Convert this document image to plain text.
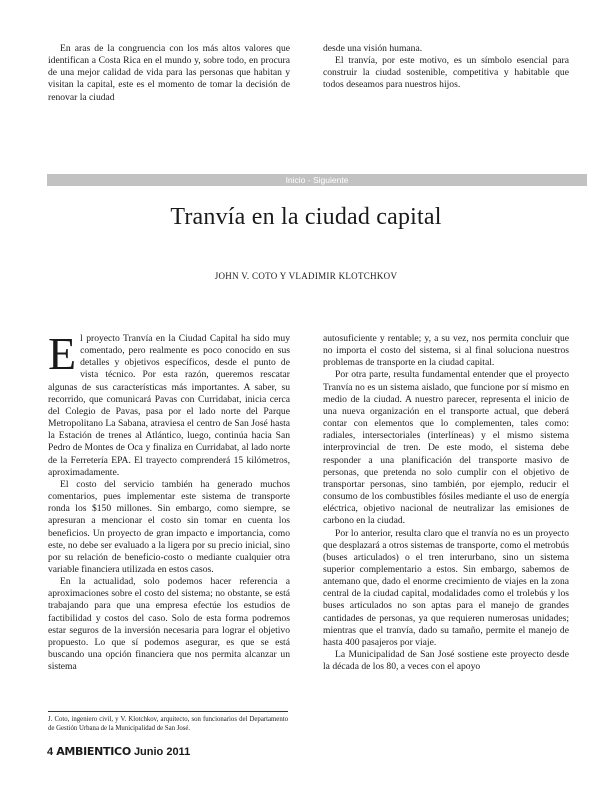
En aras de la congruencia con los más altos valores que identifican a Costa Rica en el mundo y, sobre todo, en procura de una mejor calidad de vida para las personas que habitan y visitan la capital, este es el momento de tomar la decisión de renovar la ciudad

desde una visión humana.

El tranvía, por este motivo, es un símbolo esencial para construir la ciudad sostenible, competitiva y habitable que todos deseamos para nuestros hijos.

Inicio - Siguiente
Tranvía en la ciudad capital
JOHN V. COTO Y VLADIMIR KLOTCHKOV

El proyecto Tranvía en la Ciudad Capital ha sido muy comentado, pero realmente es poco conocido en sus detalles y objetivos específicos, desde el punto de vista técnico. Por esta razón, queremos rescatar algunas de sus características más importantes. A saber, su recorrido, que comunicará Pavas con Curridabat, inicia cerca del Colegio de Pavas, pasa por el lado norte del Parque Metropolitano La Sabana, atraviesa el centro de San José hasta la Estación de trenes al Atlántico, luego, continúa hacia San Pedro de Montes de Oca y finaliza en Curridabat, al lado norte de la Ferretería EPA. El trayecto comprenderá 15 kilómetros, aproximadamente.

El costo del servicio también ha generado muchos comentarios, pues implementar este sistema de transporte ronda los $150 millones. Sin embargo, como siempre, se apresuran a mencionar el costo sin tomar en cuenta los beneficios. Un proyecto de gran impacto e importancia, como este, no debe ser evaluado a la ligera por su precio inicial, sino por su relación de beneficio-costo o mediante cualquier otra variable financiera utilizada en estos casos.

En la actualidad, solo podemos hacer referencia a aproximaciones sobre el costo del sistema; no obstante, se está trabajando para que una empresa efectúe los estudios de factibilidad y costos del caso. Solo de esta forma podremos estar seguros de la inversión necesaria para lograr el objetivo propuesto. Lo que sí podemos asegurar, es que se está buscando una opción financiera que nos permita alcanzar un sistema

autosuficiente y rentable; y, a su vez, nos permita concluir que no importa el costo del sistema, si al final soluciona nuestros problemas de transporte en la ciudad capital.

Por otra parte, resulta fundamental entender que el proyecto Tranvía no es un sistema aislado, que funcione por sí mismo en medio de la ciudad. A nuestro parecer, representa el inicio de una nueva organización en el transporte actual, que deberá contar con elementos que lo complementen, tales como: radiales, intersectoriales (interlíneas) y el mismo sistema interprovincial de tren. De este modo, el sistema debe responder a una planificación del transporte masivo de personas, que pretenda no solo cumplir con el objetivo de transportar personas, sino también, por ejemplo, reducir el consumo de los combustibles fósiles mediante el uso de energía eléctrica, objetivo nacional de neutralizar las emisiones de carbono en la ciudad.

Por lo anterior, resulta claro que el tranvía no es un proyecto que desplazará a otros sistemas de transporte, como el metrobús (buses articulados) o el tren interurbano, sino un sistema superior complementario a estos. Sin embargo, sabemos de antemano que, dado el enorme crecimiento de viajes en la zona central de la ciudad capital, modalidades como el trolebús y los buses articulados no son aptas para el manejo de grandes cantidades de personas, ya que requieren numerosas unidades; mientras que el tranvía, dado su tamaño, permite el manejo de hasta 400 pasajeros por viaje.

La Municipalidad de San José sostiene este proyecto desde la década de los 80, a veces con el apoyo

J. Coto, ingeniero civil, y V. Klotchkov, arquitecto, son funcionarios del Departamento de Gestión Urbana de la Municipalidad de San José.
4 AMBIENTICO Junio 2011
